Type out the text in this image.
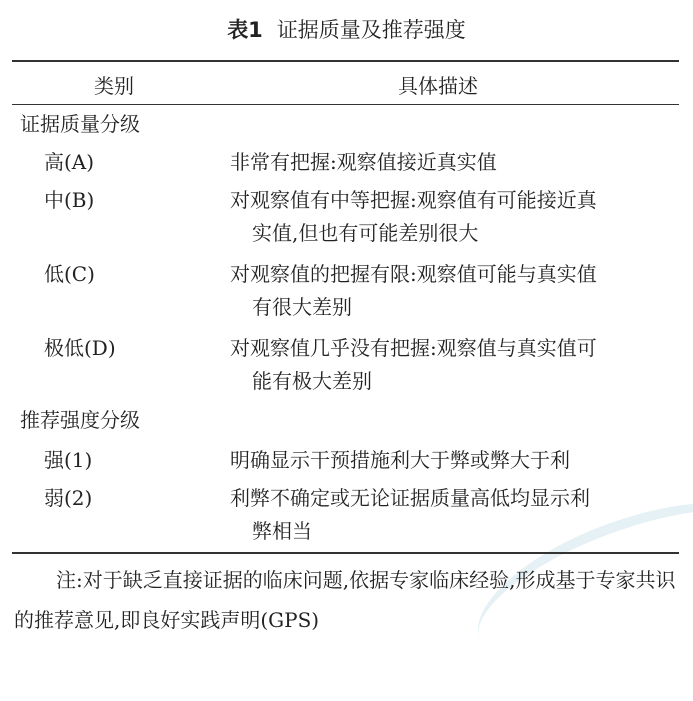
表1 证据质量及推荐强度
类别	具体描述
证据质量分级
高(A)	非常有把握:观察值接近真实值
中(B)	对观察值有中等把握:观察值有可能接近真
实值,但也有可能差别很大
低(C)	对观察值的把握有限:观察值可能与真实值
有很大差别
极低(D)	对观察值几乎没有把握:观察值与真实值可
能有极大差别
推荐强度分级
强(1)	明确显示干预措施利大于弊或弊大于利
弱(2)	利弊不确定或无论证据质量高低均显示利
弊相当
注:对于缺乏直接证据的临床问题,依据专家临床经验,形成基于专家共识的推荐意见,即良好实践声明(GPS)
